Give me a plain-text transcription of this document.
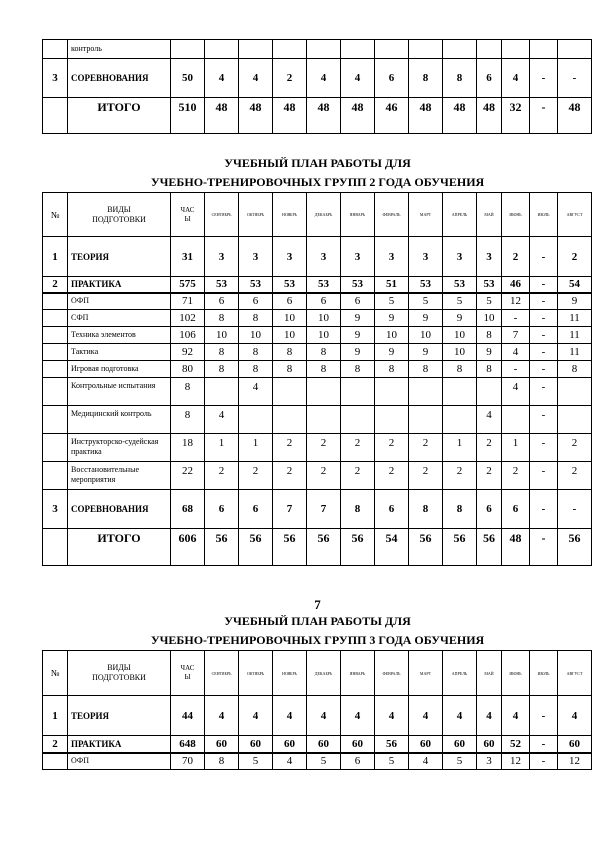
	контроль													
3	СОРЕВНОВАНИЯ	50	4	4	2	4	4	6	8	8	6	4	-	-
	ИТОГО	510	48	48	48	48	48	46	48	48	48	32	-	48
УЧЕБНЫЙ ПЛАН РАБОТЫ ДЛЯ
УЧЕБНО-ТРЕНИРОВОЧНЫХ ГРУПП 2 ГОДА ОБУЧЕНИЯ
№	ВИДЫ ПОДГОТОВКИ	ЧАСЫ	СЕНТЯБРЬ	ОКТЯБРЬ	НОЯБРЬ	ДЕКАБРЬ	ЯНВАРЬ	ФЕВРАЛЬ	МАРТ	АПРЕЛЬ	МАЙ	ИЮНЬ	ИЮЛЬ	АВГУСТ
1	ТЕОРИЯ	31	3	3	3	3	3	3	3	3	3	2	-	2
2	ПРАКТИКА	575	53	53	53	53	53	51	53	53	53	46	-	54
	ОФП	71	6	6	6	6	6	5	5	5	5	12	-	9
	СФП	102	8	8	10	10	9	9	9	9	10	-	-	11
	Техника элементов	106	10	10	10	10	9	10	10	10	8	7	-	11
	Тактика	92	8	8	8	8	9	9	9	10	9	4	-	11
	Игровая подготовка	80	8	8	8	8	8	8	8	8	8	-	-	8
	Контрольные испытания	8		4								4	-	
	Медицинский контроль	8	4								4		-	
	Инструкторско-судейская практика	18	1	1	2	2	2	2	2	1	2	1	-	2
	Восстановительные мероприятия	22	2	2	2	2	2	2	2	2	2	2	-	2
3	СОРЕВНОВАНИЯ	68	6	6	7	7	8	6	8	8	6	6	-	-
	ИТОГО	606	56	56	56	56	56	54	56	56	56	48	-	56
7
УЧЕБНЫЙ ПЛАН РАБОТЫ ДЛЯ
УЧЕБНО-ТРЕНИРОВОЧНЫХ ГРУПП 3 ГОДА ОБУЧЕНИЯ
№	ВИДЫ ПОДГОТОВКИ	ЧАСЫ	СЕНТЯБРЬ	ОКТЯБРЬ	НОЯБРЬ	ДЕКАБРЬ	ЯНВАРЬ	ФЕВРАЛЬ	МАРТ	АПРЕЛЬ	МАЙ	ИЮНЬ	ИЮЛЬ	АВГУСТ
1	ТЕОРИЯ	44	4	4	4	4	4	4	4	4	4	4	-	4
2	ПРАКТИКА	648	60	60	60	60	60	56	60	60	60	52	-	60
	ОФП	70	8	5	4	5	6	5	4	5	3	12	-	12
